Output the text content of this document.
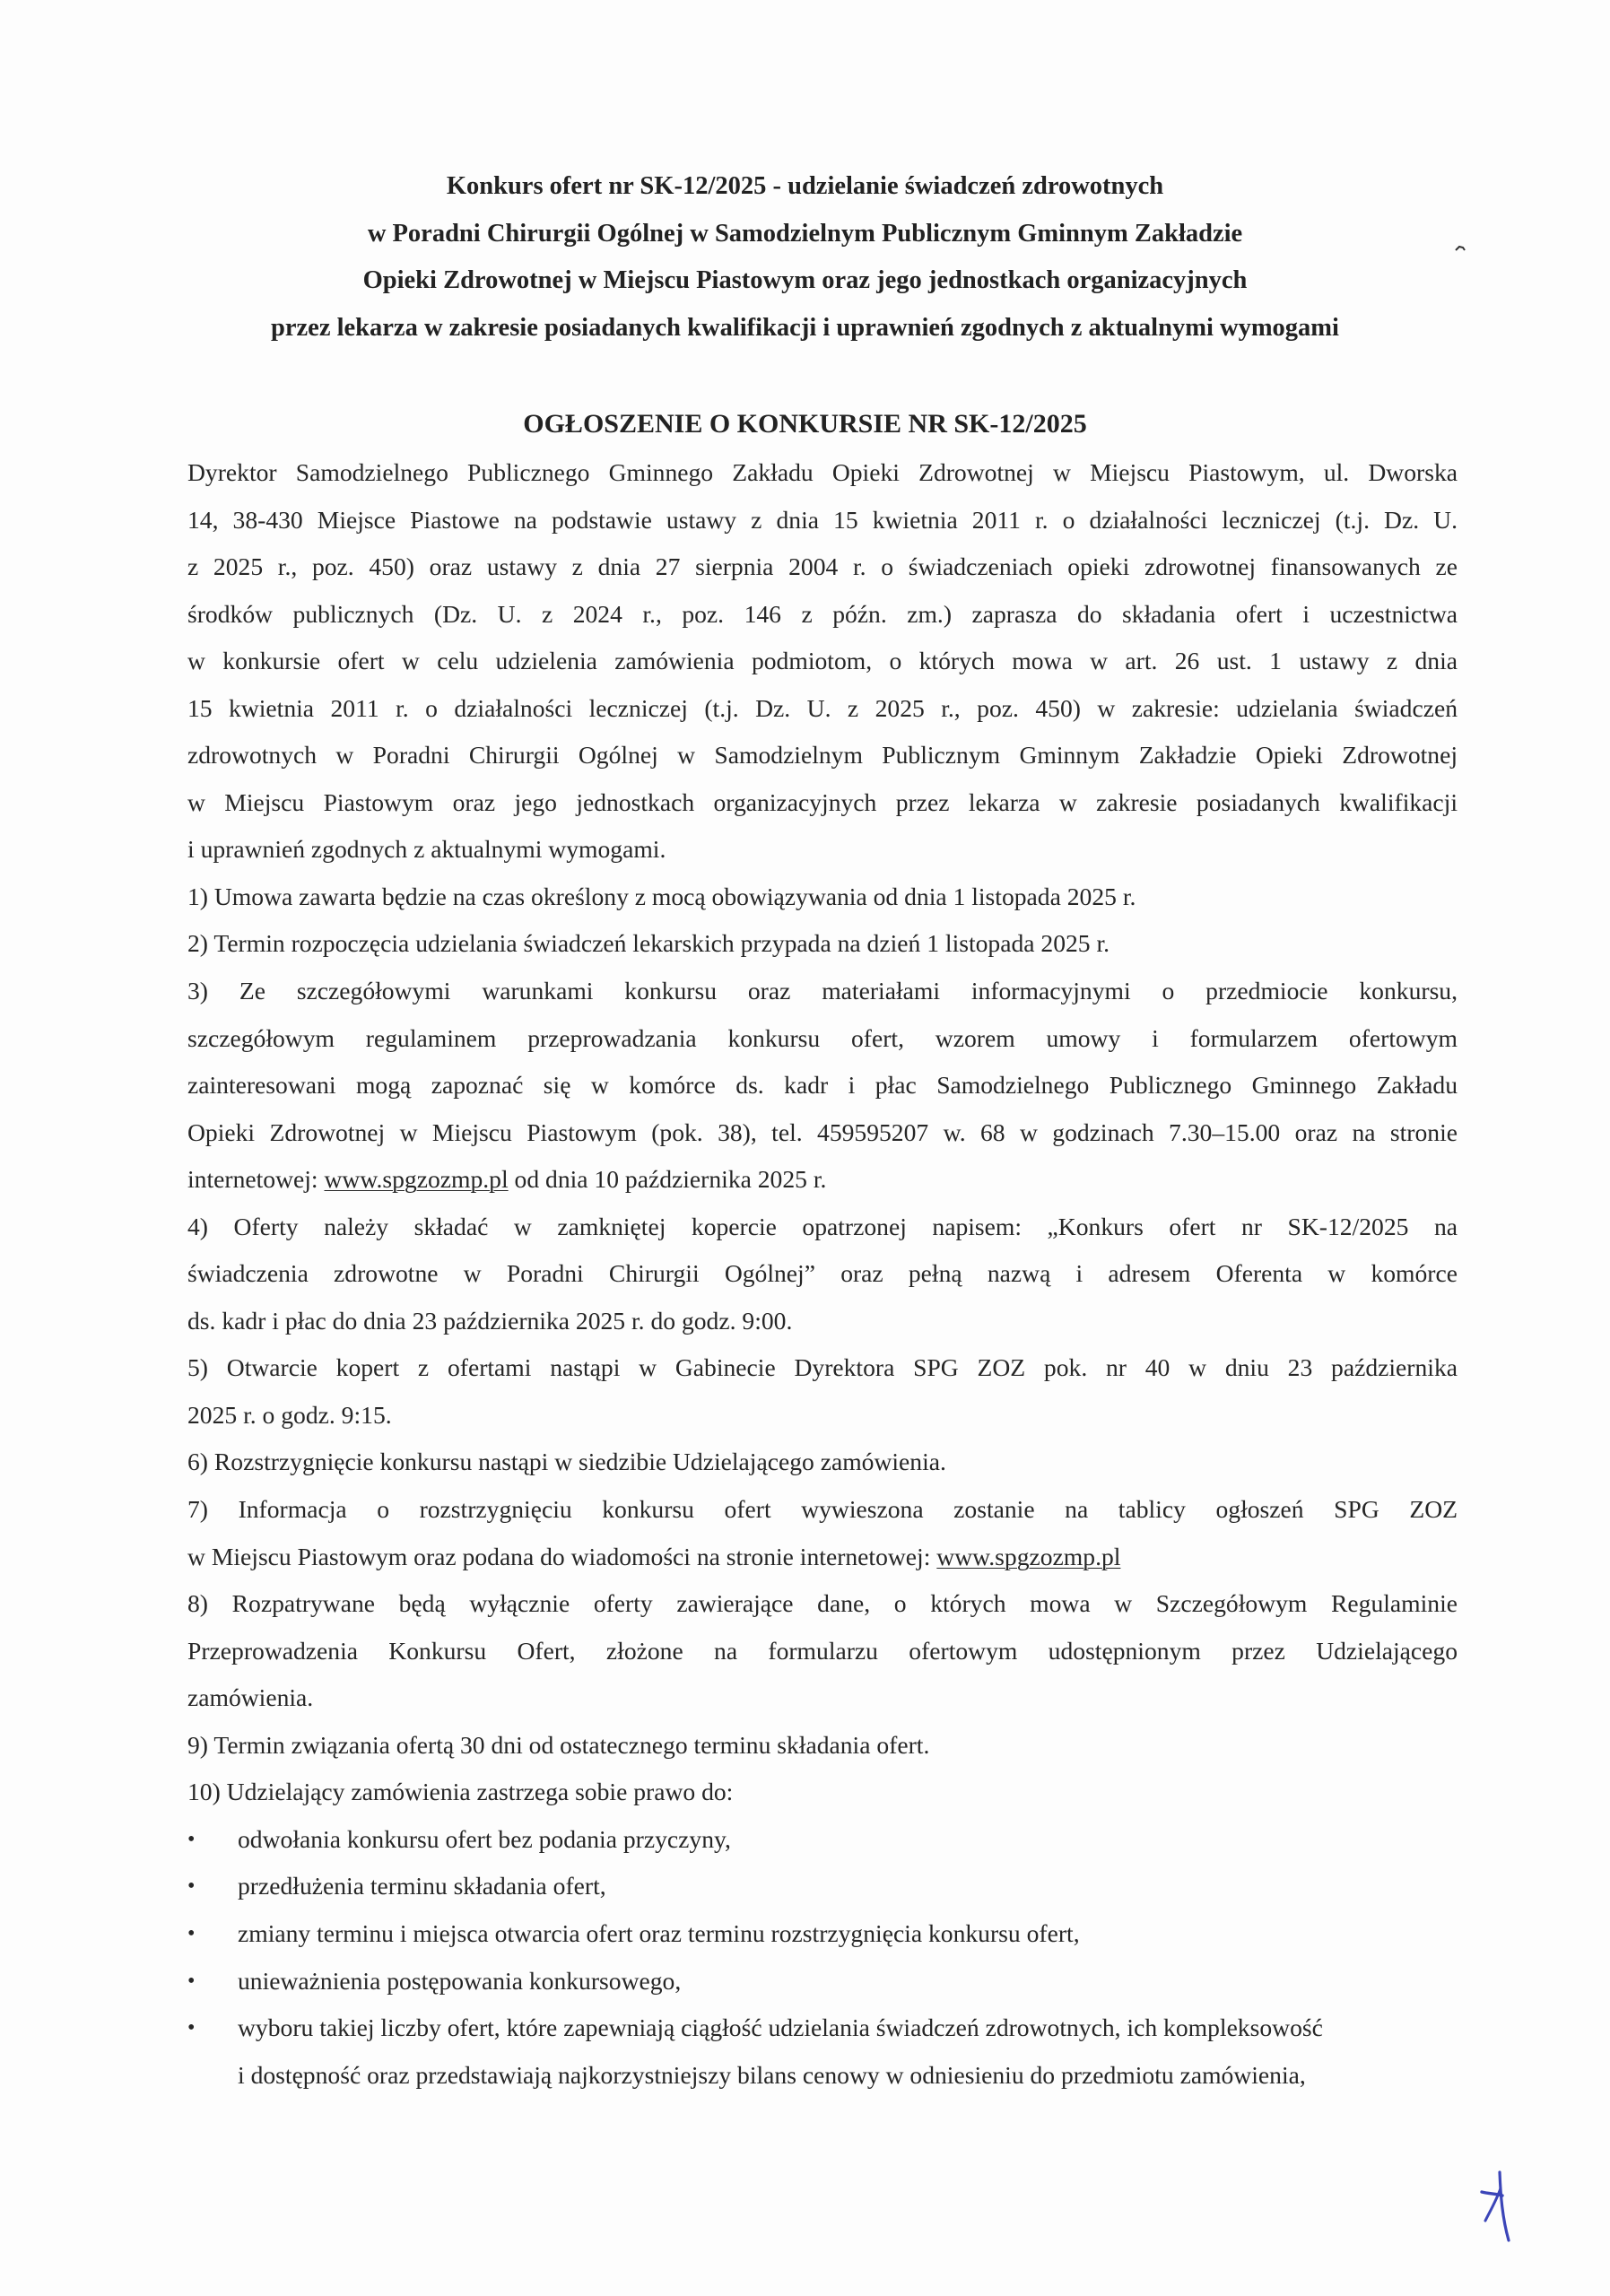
Konkurs ofert nr SK-12/2025 - udzielanie świadczeń zdrowotnych
w Poradni Chirurgii Ogólnej w Samodzielnym Publicznym Gminnym Zakładzie
Opieki Zdrowotnej w Miejscu Piastowym oraz jego jednostkach organizacyjnych
przez lekarza w zakresie posiadanych kwalifikacji i uprawnień zgodnych z aktualnymi wymogami
OGŁOSZENIE O KONKURSIE NR SK-12/2025
Dyrektor Samodzielnego Publicznego Gminnego Zakładu Opieki Zdrowotnej w Miejscu Piastowym, ul. Dworska
14, 38-430 Miejsce Piastowe na podstawie ustawy z dnia 15 kwietnia 2011 r. o działalności leczniczej (t.j. Dz. U.
z 2025 r., poz. 450) oraz ustawy z dnia 27 sierpnia 2004 r. o świadczeniach opieki zdrowotnej finansowanych ze
środków publicznych (Dz. U. z 2024 r., poz. 146 z późn. zm.) zaprasza do składania ofert i uczestnictwa
w konkursie ofert w celu udzielenia zamówienia podmiotom, o których mowa w art. 26 ust. 1 ustawy z dnia
15 kwietnia 2011 r. o działalności leczniczej (t.j. Dz. U. z 2025 r., poz. 450) w zakresie: udzielania świadczeń
zdrowotnych w Poradni Chirurgii Ogólnej w Samodzielnym Publicznym Gminnym Zakładzie Opieki Zdrowotnej
w Miejscu Piastowym oraz jego jednostkach organizacyjnych przez lekarza w zakresie posiadanych kwalifikacji
i uprawnień zgodnych z aktualnymi wymogami.
1) Umowa zawarta będzie na czas określony z mocą obowiązywania od dnia 1 listopada 2025 r.
2) Termin rozpoczęcia udzielania świadczeń lekarskich przypada na dzień 1 listopada 2025 r.
3) Ze szczegółowymi warunkami konkursu oraz materiałami informacyjnymi o przedmiocie konkursu,
szczegółowym regulaminem przeprowadzania konkursu ofert, wzorem umowy i formularzem ofertowym
zainteresowani mogą zapoznać się w komórce ds. kadr i płac Samodzielnego Publicznego Gminnego Zakładu
Opieki Zdrowotnej w Miejscu Piastowym (pok. 38), tel. 459595207 w. 68 w godzinach 7.30–15.00 oraz na stronie
internetowej: www.spgzozmp.pl od dnia 10 października 2025 r.
4) Oferty należy składać w zamkniętej kopercie opatrzonej napisem: „Konkurs ofert nr SK-12/2025 na
świadczenia zdrowotne w Poradni Chirurgii Ogólnej” oraz pełną nazwą i adresem Oferenta w komórce
ds. kadr i płac do dnia 23 października 2025 r. do godz. 9:00.
5) Otwarcie kopert z ofertami nastąpi w Gabinecie Dyrektora SPG ZOZ pok. nr 40 w dniu 23 października
2025 r. o godz. 9:15.
6) Rozstrzygnięcie konkursu nastąpi w siedzibie Udzielającego zamówienia.
7) Informacja o rozstrzygnięciu konkursu ofert wywieszona zostanie na tablicy ogłoszeń SPG ZOZ
w Miejscu Piastowym oraz podana do wiadomości na stronie internetowej: www.spgzozmp.pl
8) Rozpatrywane będą wyłącznie oferty zawierające dane, o których mowa w Szczegółowym Regulaminie
Przeprowadzenia Konkursu Ofert, złożone na formularzu ofertowym udostępnionym przez Udzielającego
zamówienia.
9) Termin związania ofertą 30 dni od ostatecznego terminu składania ofert.
10) Udzielający zamówienia zastrzega sobie prawo do:
• odwołania konkursu ofert bez podania przyczyny,
• przedłużenia terminu składania ofert,
• zmiany terminu i miejsca otwarcia ofert oraz terminu rozstrzygnięcia konkursu ofert,
• unieważnienia postępowania konkursowego,
• wyboru takiej liczby ofert, które zapewniają ciągłość udzielania świadczeń zdrowotnych, ich kompleksowość
i dostępność oraz przedstawiają najkorzystniejszy bilans cenowy w odniesieniu do przedmiotu zamówienia,
